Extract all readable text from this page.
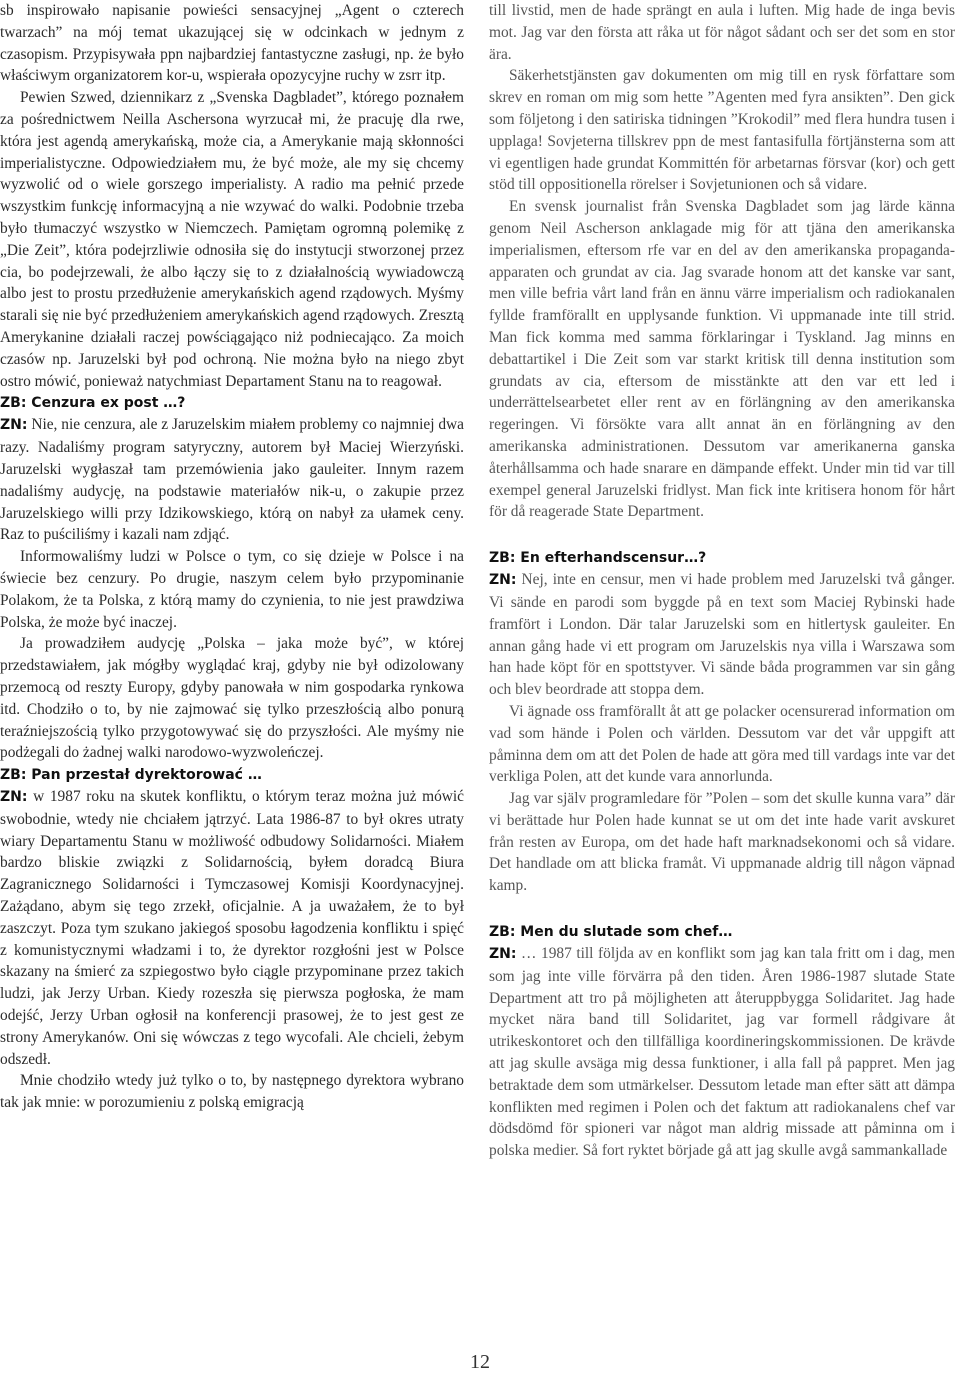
sb inspirowało napisanie powieści sensacyjnej „Agent o czterech twarzach” na mój temat ukazującej się w odcinkach w jednym z czasopism. Przypisywała ppn najbardziej fantastyczne zasługi, np. że było właściwym organizatorem kor-u, wspierała opozycyjne ruchy w zsrr itp.

Pewien Szwed, dziennikarz z „Svenska Dagbladet”, którego poznałem za pośrednictwem Neilla Aschersona wyrzucał mi, że pracuję dla rwe, która jest agendą amerykańską, może cia, a Amerykanie mają skłonności imperialistyczne. Odpowiedziałem mu, że być może, ale my się chcemy wyzwolić od o wiele gorszego imperialisty. A radio ma pełnić przede wszystkim funkcję informacyjną a nie wzywać do walki. Podobnie trzeba było tłumaczyć wszystko w Niemczech. Pamiętam ogromną polemikę z „Die Zeit”, która podejrzliwie odnosiła się do instytucji stworzonej przez cia, bo podejrzewali, że albo łączy się to z działalnością wywiadowczą albo jest to prostu przedłużenie amerykańskich agend rządowych. Myśmy starali się nie być przedłużeniem amerykańskich agend rządowych. Zresztą Amerykanine działali raczej powściągająco niż podniecająco. Za moich czasów np. Jaruzelski był pod ochroną. Nie można było na niego zbyt ostro mówić, ponieważ natychmiast Departament Stanu na to reagował.

ZB: Cenzura ex post …?

ZN: Nie, nie cenzura, ale z Jaruzelskim miałem problemy co najmniej dwa razy. Nadaliśmy program satyryczny, autorem był Maciej Wierzyński. Jaruzelski wygłaszał tam przemówienia jako gauleiter. Innym razem nadaliśmy audycję, na podstawie materiałów nik-u, o zakupie przez Jaruzelskiego willi przy Idzikowskiego, którą on nabył za ułamek ceny. Raz to puściliśmy i kazali nam zdjąć.

Informowaliśmy ludzi w Polsce o tym, co się dzieje w Polsce i na świecie bez cenzury. Po drugie, naszym celem było przypominanie Polakom, że ta Polska, z którą mamy do czynienia, to nie jest prawdziwa Polska, że może być inaczej.

Ja prowadziłem audycję „Polska – jaka może być”, w której przedstawiałem, jak mógłby wyglądać kraj, gdyby nie był odizolowany przemocą od reszty Europy, gdyby panowała w nim gospodarka rynkowa itd. Chodziło o to, by nie zajmować się tylko przeszłością albo ponurą teraźniejszością tylko przygotowywać się do przyszłości. Ale myśmy nie podżegali do żadnej walki narodowo-wyzwoleńczej.

ZB: Pan przestał dyrektorować …

ZN: w 1987 roku na skutek konfliktu, o którym teraz można już mówić swobodnie, wtedy nie chciałem jątrzyć. Lata 1986-87 to był okres utraty wiary Departamentu Stanu w możliwość odbudowy Solidarności. Miałem bardzo bliskie związki z Solidarnością, byłem doradcą Biura Zagranicznego Solidarności i Tymczasowej Komisji Koordynacyjnej. Zażądano, abym się tego zrzekł, oficjalnie. A ja uważałem, że to był zaszczyt. Poza tym szukano jakiegoś sposobu łagodzenia konfliktu i spięć z komunistycznymi władzami i to, że dyrektor rozgłośni jest w Polsce skazany na śmierć za szpiegostwo było ciągle przypominane przez takich ludzi, jak Jerzy Urban. Kiedy rozeszła się pierwsza pogłoska, że mam odejść, Jerzy Urban ogłosił na konferencji prasowej, że to jest gest ze strony Amerykanów. Oni się wówczas z tego wycofali. Ale chcieli, żebym odszedł.

Mnie chodziło wtedy już tylko o to, by następnego dyrektora wybrano tak jak mnie: w porozumieniu z polską emigracją

till livstid, men de hade sprängt en aula i luften. Mig hade de inga bevis mot. Jag var den första att råka ut för något sådant och ser det som en stor ära.

Säkerhetstjänsten gav dokumenten om mig till en rysk författare som skrev en roman om mig som hette ”Agenten med fyra ansikten”. Den gick som följetong i den satiriska tidningen ”Krokodil” med flera hundra tusen i upplaga! Sovjeterna tillskrev ppn de mest fantasifulla förtjänsterna som att vi egentligen hade grundat Kommittén för arbetarnas försvar (kor) och gett stöd till oppositionella rörelser i Sovjetunionen och så vidare.

En svensk journalist från Svenska Dagbladet som jag lärde känna genom Neil Ascherson anklagade mig för att tjäna den amerikanska imperialismen, eftersom rfe var en del av den amerikanska propaganda-apparaten och grundat av cia. Jag svarade honom att det kanske var sant, men ville befria vårt land från en ännu värre imperialism och radiokanalen fyllde framförallt en upplysande funktion. Vi uppmanade inte till strid. Man fick komma med samma förklaringar i Tyskland. Jag minns en debattartikel i Die Zeit som var starkt kritisk till denna institution som grundats av cia, eftersom de misstänkte att den var ett led i underrättelsearbetet eller rent av en förlängning av den amerikanska regeringen. Vi försökte vara allt annat än en förlängning av den amerikanska administrationen. Dessutom var amerikanerna ganska återhållsamma och hade snarare en dämpande effekt. Under min tid var till exempel general Jaruzelski fridlyst. Man fick inte kritisera honom för hårt för då reagerade State Department.

ZB: En efterhandscensur…?

ZN: Nej, inte en censur, men vi hade problem med Jaruzelski två gånger. Vi sände en parodi som byggde på en text som Maciej Rybinski hade framfört i London. Där talar Jaruzelski som en hitlertysk gauleiter. En annan gång hade vi ett program om Jaruzelskis nya villa i Warszawa som han hade köpt för en spottstyver. Vi sände båda programmen var sin gång och blev beordrade att stoppa dem.

Vi ägnade oss framförallt åt att ge polacker ocensurerad information om vad som hände i Polen och världen. Dessutom var det vår uppgift att påminna dem om att det Polen de hade att göra med till vardags inte var det verkliga Polen, att det kunde vara annorlunda.

Jag var själv programledare för ”Polen – som det skulle kunna vara” där vi berättade hur Polen hade kunnat se ut om det inte hade varit avskuret från resten av Europa, om det hade haft marknadsekonomi och så vidare. Det handlade om att blicka framåt. Vi uppmanade aldrig till någon väpnad kamp.

ZB: Men du slutade som chef…

ZN: … 1987 till följda av en konflikt som jag kan tala fritt om i dag, men som jag inte ville förvärra på den tiden. Åren 1986-1987 slutade State Department att tro på möjligheten att återuppbygga Solidaritet. Jag hade mycket nära band till Solidaritet, jag var formell rådgivare åt utrikeskontoret och den tillfälliga koordineringskommissionen. De krävde att jag skulle avsäga mig dessa funktioner, i alla fall på pappret. Men jag betraktade dem som utmärkelser. Dessutom letade man efter sätt att dämpa konflikten med regimen i Polen och det faktum att radiokanalens chef var dödsdömd för spioneri var något man aldrig missade att påminna om i polska medier. Så fort ryktet började gå att jag skulle avgå sammankallade

12
